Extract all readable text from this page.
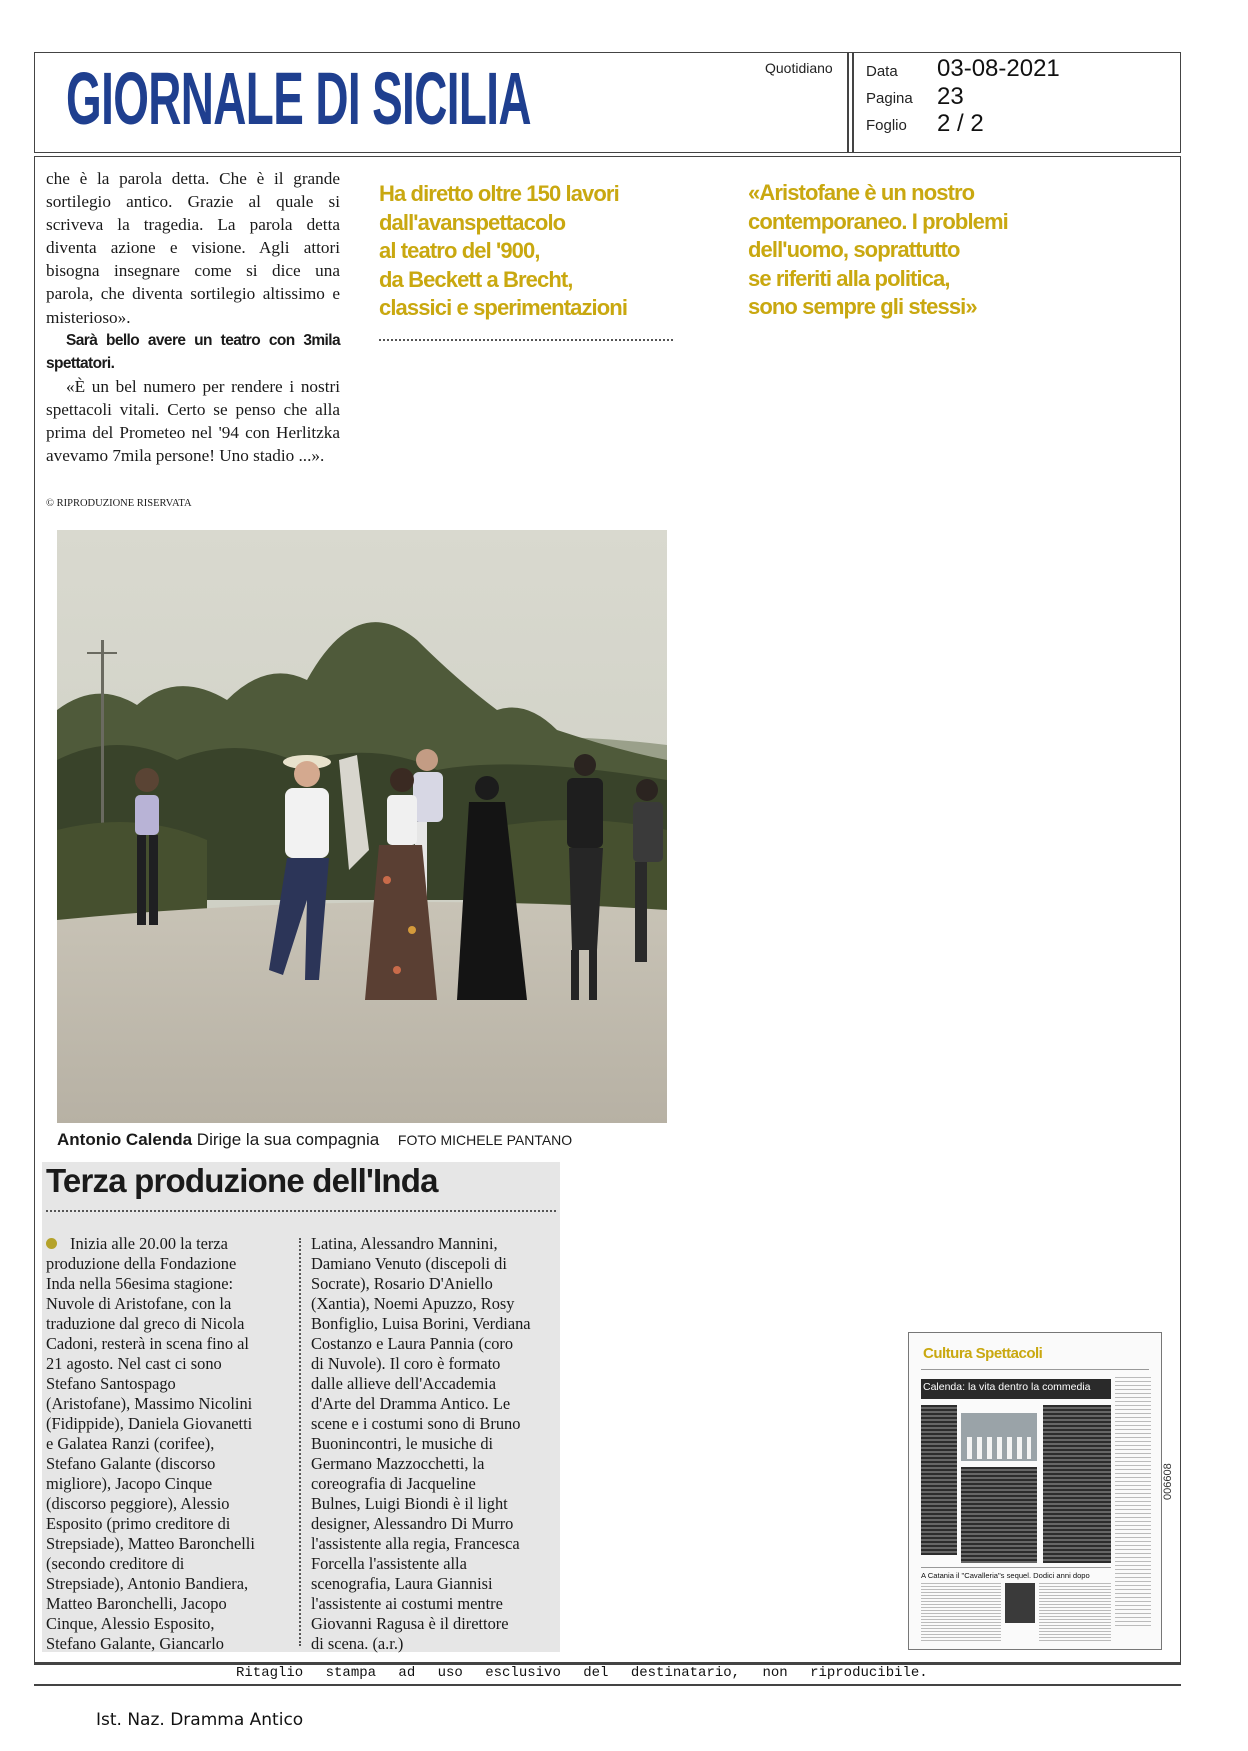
GIORNALE DI SICILIA	Quotidiano Data 03-08-2021
Pagina 23
Foglio 2 / 2

che è la parola detta. Che è il grande sortilegio antico. Grazie al quale si scriveva la tragedia. La parola detta diventa azione e visione. Agli attori bisogna insegnare come si dice una parola, che diventa sortilegio altissimo e misterioso».

Sarà bello avere un teatro con 3mila spettatori.

«È un bel numero per rendere i nostri spettacoli vitali. Certo se penso che alla prima del Prometeo nel '94 con Herlitzka avevamo 7mila persone! Uno stadio ...».

© RIPRODUZIONE RISERVATA
Ha diretto oltre 150 lavori
dall'avanspettacolo
al teatro del '900,
da Beckett a Brecht,
classici e sperimentazioni
«Aristofane è un nostro
contemporaneo. I problemi
dell'uomo, soprattutto
se riferiti alla politica,
sono sempre gli stessi»
Antonio Calenda Dirige la sua compagnia FOTO MICHELE PANTANO
Terza produzione dell'Inda
Inizia alle 20.00 la terza
produzione della Fondazione
Inda nella 56esima stagione:
Nuvole di Aristofane, con la
traduzione dal greco di Nicola
Cadoni, resterà in scena fino al
21 agosto. Nel cast ci sono
Stefano Santospago
(Aristofane), Massimo Nicolini
(Fidippide), Daniela Giovanetti
e Galatea Ranzi (corifee),
Stefano Galante (discorso
migliore), Jacopo Cinque
(discorso peggiore), Alessio
Esposito (primo creditore di
Strepsiade), Matteo Baronchelli
(secondo creditore di
Strepsiade), Antonio Bandiera,
Matteo Baronchelli, Jacopo
Cinque, Alessio Esposito,
Stefano Galante, Giancarlo
Latina, Alessandro Mannini,
Damiano Venuto (discepoli di
Socrate), Rosario D'Aniello
(Xantia), Noemi Apuzzo, Rosy
Bonfiglio, Luisa Borini, Verdiana
Costanzo e Laura Pannia (coro
di Nuvole). Il coro è formato
dalle allieve dell'Accademia
d'Arte del Dramma Antico. Le
scene e i costumi sono di Bruno
Buonincontri, le musiche di
Germano Mazzocchetti, la
coreografia di Jacqueline
Bulnes, Luigi Biondi è il light
designer, Alessandro Di Murro
l'assistente alla regia, Francesca
Forcella l'assistente alla
scenografia, Laura Giannisi
l'assistente ai costumi mentre
Giovanni Ragusa è il direttore
di scena. (a.r.)
Cultura Spettacoli
Calenda: la vita dentro la commedia
A Catania il "Cavalleria"s sequel. Dodici anni dopo
006608
Ritaglio stampa ad uso esclusivo del destinatario, non riproducibile.
Ist. Naz. Dramma Antico
